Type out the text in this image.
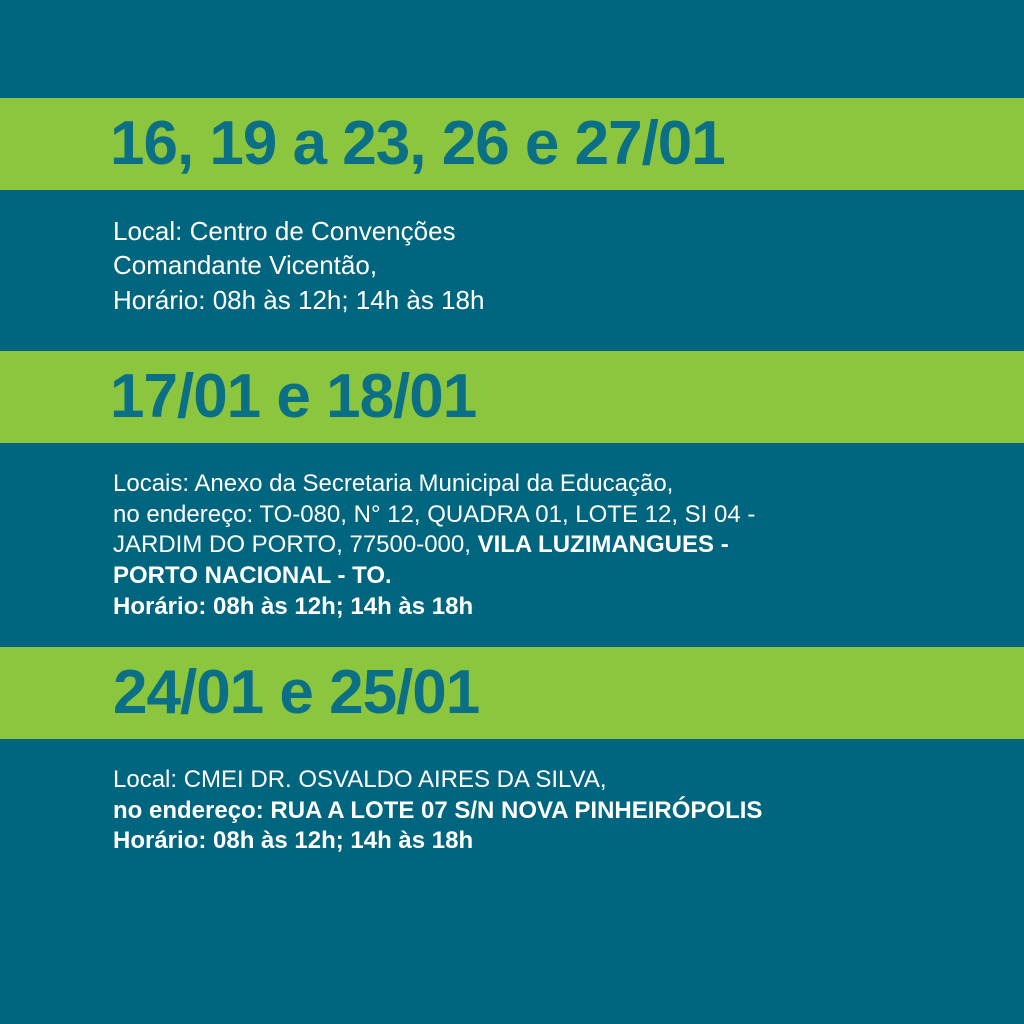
16, 19 a 23, 26 e 27/01
Local: Centro de Convenções
Comandante Vicentão,
Horário: 08h às 12h; 14h às 18h
17/01 e 18/01
Locais: Anexo da Secretaria Municipal da Educação,
no endereço: TO-080, N° 12, QUADRA 01, LOTE 12, SI 04 -
JARDIM DO PORTO, 77500-000, VILA LUZIMANGUES -
PORTO NACIONAL - TO.
Horário: 08h às 12h; 14h às 18h
24/01 e 25/01
Local: CMEI DR. OSVALDO AIRES DA SILVA,
no endereço: RUA A LOTE 07 S/N NOVA PINHEIRÓPOLIS
Horário: 08h às 12h; 14h às 18h
